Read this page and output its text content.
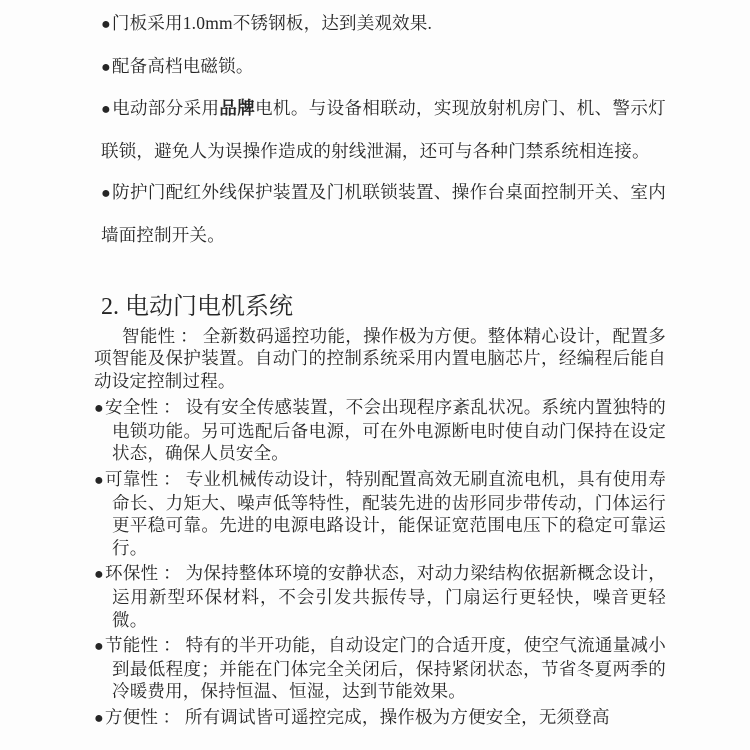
●门板采用1.0mm不锈钢板，达到美观效果.

●配备高档电磁锁。

●电动部分采用品牌电机。与设备相联动，实现放射机房门、机、警示灯联锁，避免人为误操作造成的射线泄漏，还可与各种门禁系统相连接。

●防护门配红外线保护装置及门机联锁装置、操作台桌面控制开关、室内墙面控制开关。

2. 电动门电机系统

智能性 ： 全新数码遥控功能，操作极为方便。整体精心设计，配置多项智能及保护装置。自动门的控制系统采用内置电脑芯片，经编程后能自动设定控制过程。

●安全性 ： 设有安全传感装置，不会出现程序紊乱状况。系统内置独特的电锁功能。另可选配后备电源，可在外电源断电时使自动门保持在设定状态，确保人员安全。

●可靠性 ： 专业机械传动设计，特别配置高效无刷直流电机，具有使用寿命长、力矩大、噪声低等特性，配装先进的齿形同步带传动，门体运行更平稳可靠。先进的电源电路设计，能保证宽范围电压下的稳定可靠运行。

●环保性 ： 为保持整体环境的安静状态，对动力梁结构依据新概念设计，运用新型环保材料，不会引发共振传导，门扇运行更轻快，噪音更轻微。

●节能性 ： 特有的半开功能，自动设定门的合适开度，使空气流通量减小到最低程度；并能在门体完全关闭后，保持紧闭状态，节省冬夏两季的冷暖费用，保持恒温、恒湿，达到节能效果。

●方便性 ： 所有调试皆可遥控完成，操作极为方便安全，无须登高
